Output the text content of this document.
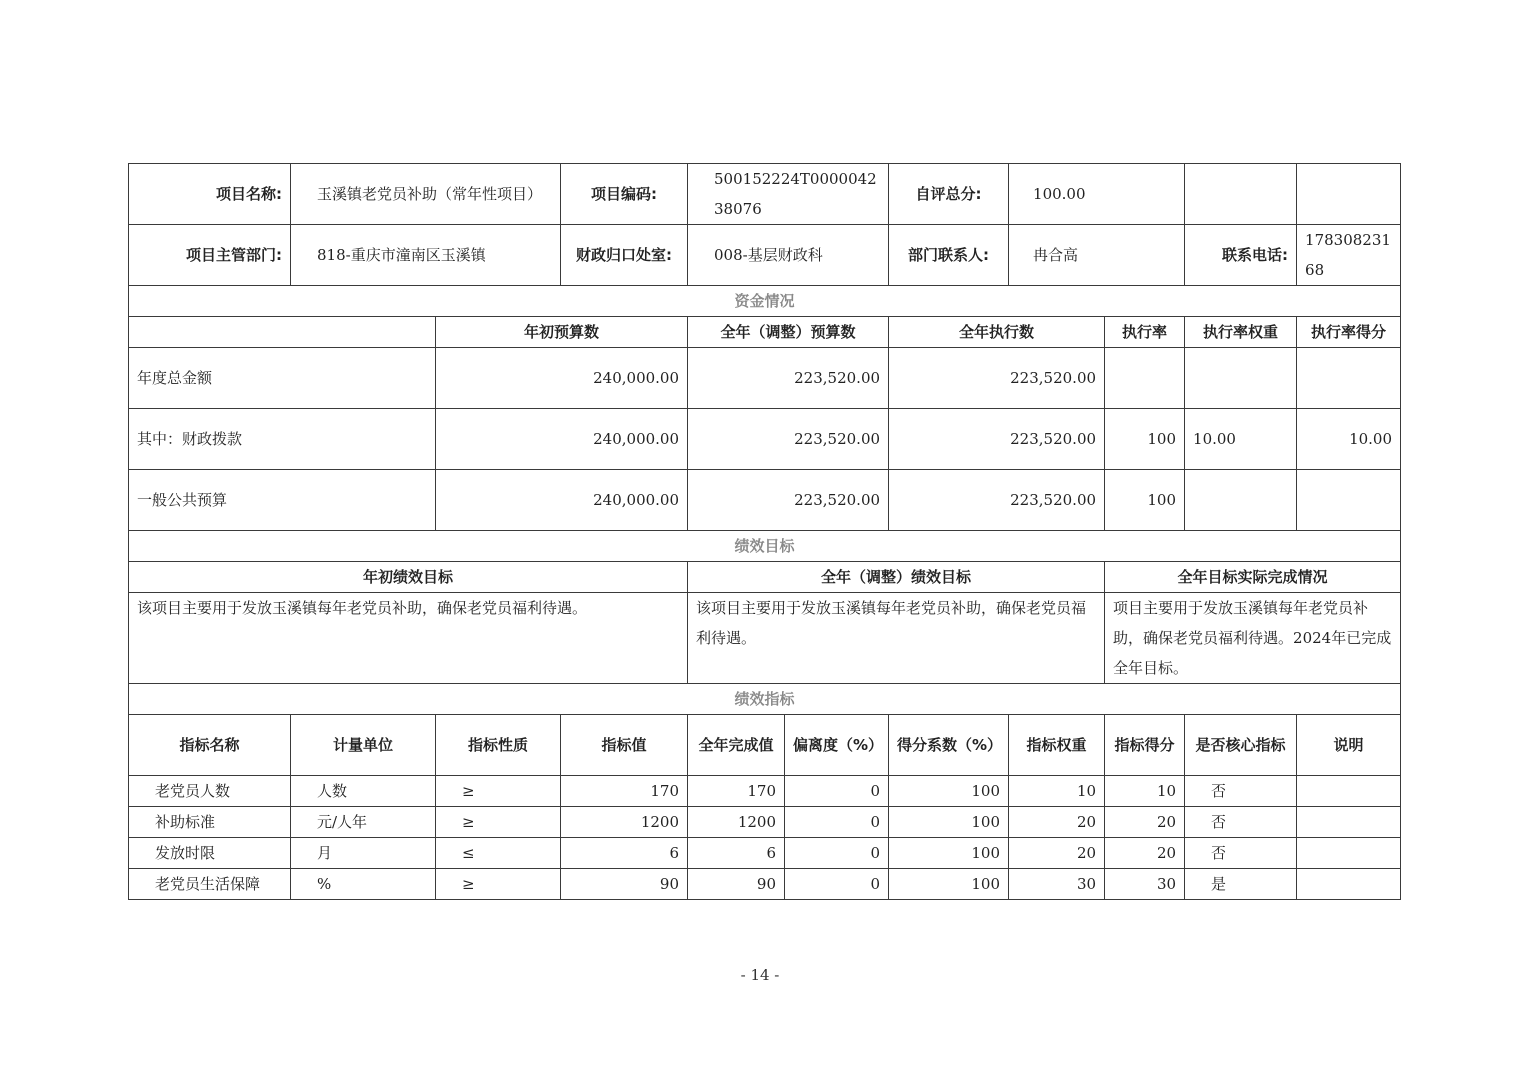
项目名称:	玉溪镇老党员补助（常年性项目）		项目编码:	500152224T000004238076		自评总分:	100.00			
项目主管部门:	818-重庆市潼南区玉溪镇		财政归口处室:	008-基层财政科		部门联系人:	冉合高		联系电话:	17830823168
资金情况										
		年初预算数		全年（调整）预算数		全年执行数		执行率	执行率权重	执行率得分
年度总金额		240,000.00		223,520.00		223,520.00				
其中：财政拨款		240,000.00		223,520.00		223,520.00		100	10.00	10.00
一般公共预算		240,000.00		223,520.00		223,520.00		100		
绩效目标										
年初绩效目标				全年（调整）绩效目标				全年目标实际完成情况		
该项目主要用于发放玉溪镇每年老党员补助，确保老党员福利待遇。				该项目主要用于发放玉溪镇每年老党员补助，确保老党员福利待遇。				项目主要用于发放玉溪镇每年老党员补助，确保老党员福利待遇。2024年已完成全年目标。		
绩效指标										
指标名称	计量单位	指标性质	指标值	全年完成值	偏离度（%）	得分系数（%）	指标权重	指标得分	是否核心指标	说明
老党员人数	人数	≥	170	170	0	100	10	10	否	
补助标准	元/人年	≥	1200	1200	0	100	20	20	否	
发放时限	月	≤	6	6	0	100	20	20	否	
老党员生活保障	%	≥	90	90	0	100	30	30	是	
- 14 -
